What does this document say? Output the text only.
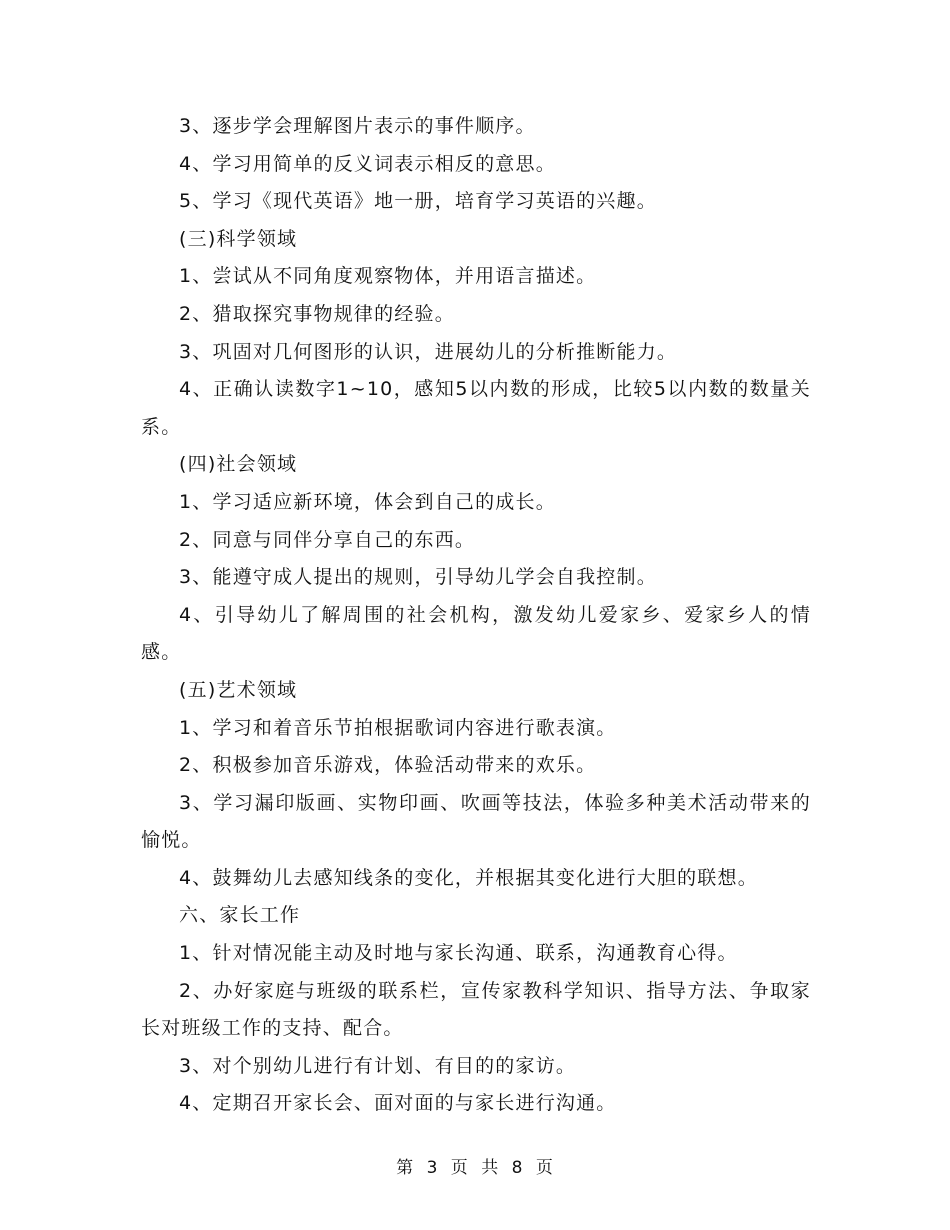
3、逐步学会理解图片表示的事件顺序。

4、学习用简单的反义词表示相反的意思。

5、学习《现代英语》地一册，培育学习英语的兴趣。

(三)科学领域

1、尝试从不同角度观察物体，并用语言描述。

2、猎取探究事物规律的经验。

3、巩固对几何图形的认识，进展幼儿的分析推断能力。

4、正确认读数字1~10，感知5以内数的形成，比较5以内数的数量关系。

(四)社会领域

1、学习适应新环境，体会到自己的成长。

2、同意与同伴分享自己的东西。

3、能遵守成人提出的规则，引导幼儿学会自我控制。

4、引导幼儿了解周围的社会机构，激发幼儿爱家乡、爱家乡人的情感。

(五)艺术领域

1、学习和着音乐节拍根据歌词内容进行歌表演。

2、积极参加音乐游戏，体验活动带来的欢乐。

3、学习漏印版画、实物印画、吹画等技法，体验多种美术活动带来的愉悦。

4、鼓舞幼儿去感知线条的变化，并根据其变化进行大胆的联想。

六、家长工作

1、针对情况能主动及时地与家长沟通、联系，沟通教育心得。

2、办好家庭与班级的联系栏，宣传家教科学知识、指导方法、争取家长对班级工作的支持、配合。

3、对个别幼儿进行有计划、有目的的家访。

4、定期召开家长会、面对面的与家长进行沟通。

第 3 页 共 8 页
